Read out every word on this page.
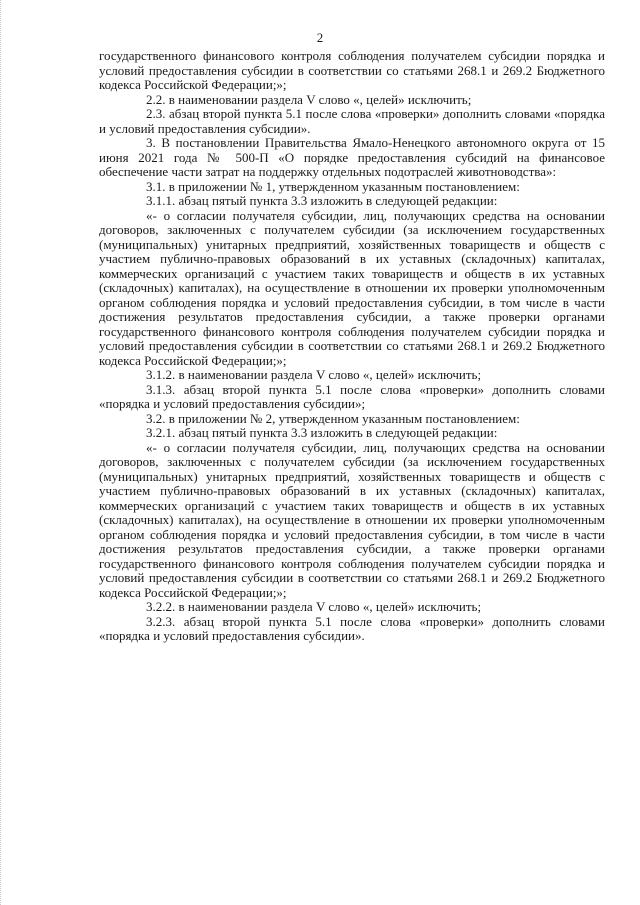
2

государственного финансового контроля соблюдения получателем субсидии порядка и условий предоставления субсидии в соответствии со статьями 268.1 и 269.2 Бюджетного кодекса Российской Федерации;»;

2.2. в наименовании раздела V слово «, целей» исключить;

2.3. абзац второй пункта 5.1 после слова «проверки» дополнить словами «порядка и условий предоставления субсидии».

3. В постановлении Правительства Ямало-Ненецкого автономного округа от 15 июня 2021 года № 500-П «О порядке предоставления субсидий на финансовое обеспечение части затрат на поддержку отдельных подотраслей животноводства»:

3.1. в приложении № 1, утвержденном указанным постановлением:

3.1.1. абзац пятый пункта 3.3 изложить в следующей редакции:

«- о согласии получателя субсидии, лиц, получающих средства на основании договоров, заключенных с получателем субсидии (за исключением государственных (муниципальных) унитарных предприятий, хозяйственных товариществ и обществ с участием публично-правовых образований в их уставных (складочных) капиталах, коммерческих организаций с участием таких товариществ и обществ в их уставных (складочных) капиталах), на осуществление в отношении их проверки уполномоченным органом соблюдения порядка и условий предоставления субсидии, в том числе в части достижения результатов предоставления субсидии, а также проверки органами государственного финансового контроля соблюдения получателем субсидии порядка и условий предоставления субсидии в соответствии со статьями 268.1 и 269.2 Бюджетного кодекса Российской Федерации;»;

3.1.2. в наименовании раздела V слово «, целей» исключить;

3.1.3. абзац второй пункта 5.1 после слова «проверки» дополнить словами «порядка и условий предоставления субсидии»;

3.2. в приложении № 2, утвержденном указанным постановлением:

3.2.1. абзац пятый пункта 3.3 изложить в следующей редакции:

«- о согласии получателя субсидии, лиц, получающих средства на основании договоров, заключенных с получателем субсидии (за исключением государственных (муниципальных) унитарных предприятий, хозяйственных товариществ и обществ с участием публично-правовых образований в их уставных (складочных) капиталах, коммерческих организаций с участием таких товариществ и обществ в их уставных (складочных) капиталах), на осуществление в отношении их проверки уполномоченным органом соблюдения порядка и условий предоставления субсидии, в том числе в части достижения результатов предоставления субсидии, а также проверки органами государственного финансового контроля соблюдения получателем субсидии порядка и условий предоставления субсидии в соответствии со статьями 268.1 и 269.2 Бюджетного кодекса Российской Федерации;»;

3.2.2. в наименовании раздела V слово «, целей» исключить;

3.2.3. абзац второй пункта 5.1 после слова «проверки» дополнить словами «порядка и условий предоставления субсидии».
